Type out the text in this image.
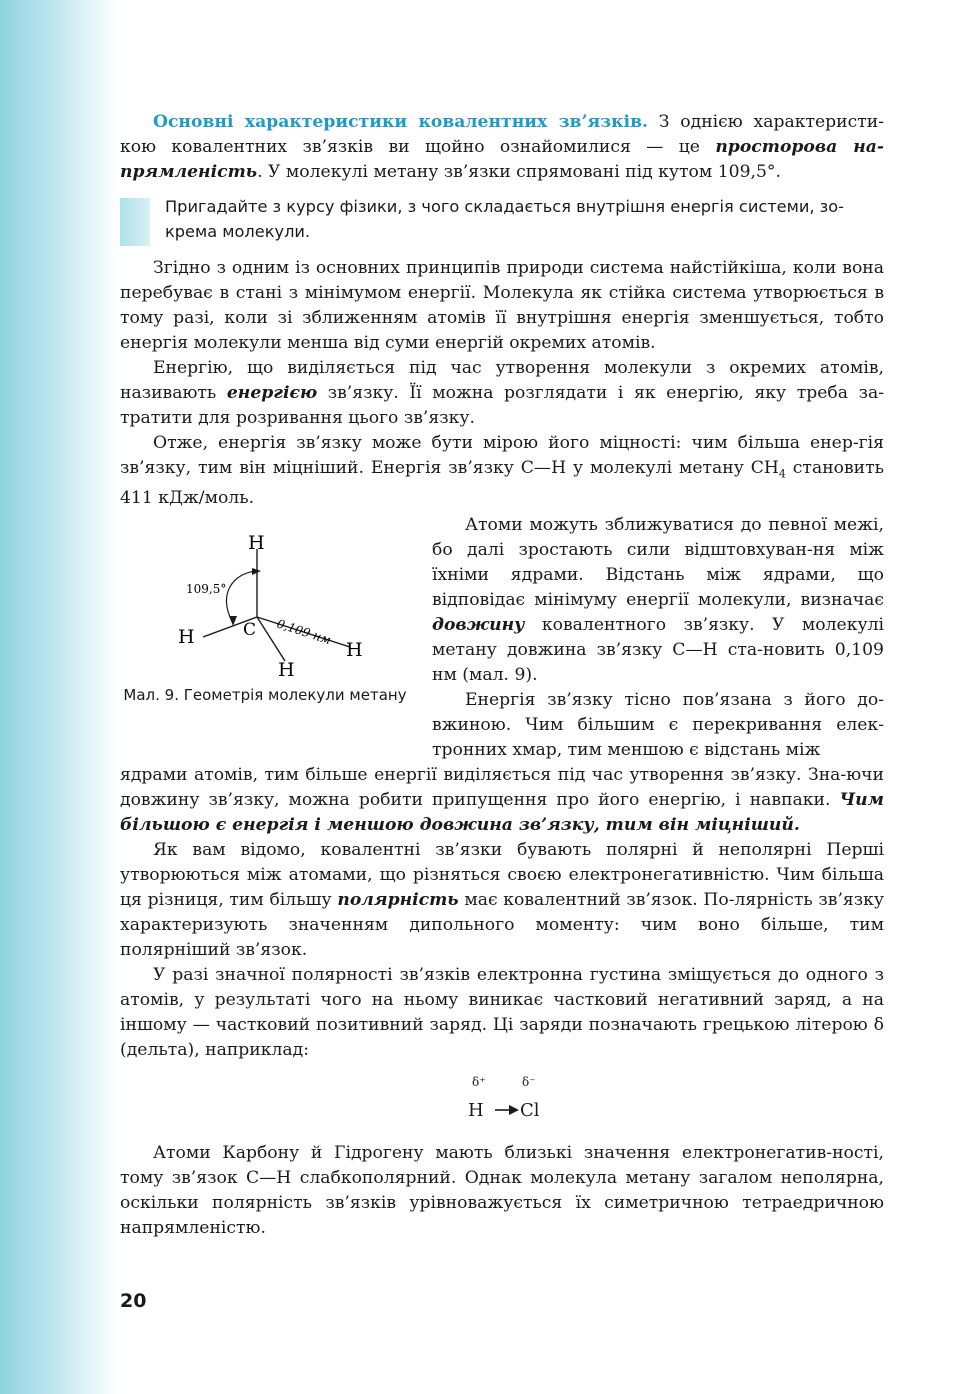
Основні характеристики ковалентних зв’язків. З однією характеристи-кою ковалентних зв’язків ви щойно ознайомилися — це просторова на-прямленість. У молекулі метану зв’язки спрямовані під кутом 109,5°.

Пригадайте з курсу фізики, з чого складається внутрішня енергія системи, зо-крема молекули.

Згідно з одним із основних принципів природи система найстійкіша, коли вона перебуває в стані з мінімумом енергії. Молекула як стійка система утворюється в тому разі, коли зі зближенням атомів її внутрішня енергія зменшується, тобто енергія молекули менша від суми енергій окремих атомів.

Енергію, що виділяється під час утворення молекули з окремих атомів, називають енергією зв’язку. Її можна розглядати і як енергію, яку треба за-тратити для розривання цього зв’язку.

Отже, енергія зв’язку може бути мірою його міцності: чим більша енер-гія зв’язку, тим він міцніший. Енергія зв’язку C—H у молекулі метану $CH_4$ становить 411 кДж/моль.

H
H
H
H
C
109,5°
0,109 нм
Мал. 9. Геометрія молекули метану

Атоми можуть зближуватися до певної межі, бо далі зростають сили відштовхуван-ня між їхніми ядрами. Відстань між ядрами, що відповідає мінімуму енергії молекули, визначає довжину ковалентного зв’язку. У молекулі метану довжина зв’язку C—H ста-новить 0,109 нм (мал. 9).

Енергія зв’язку тісно пов’язана з його до-вжиною. Чим більшим є перекривання елек-тронних хмар, тим меншою є відстань між

ядрами атомів, тим більше енергії виділяється під час утворення зв’язку. Зна-ючи довжину зв’язку, можна робити припущення про його енергію, і навпаки. Чим більшою є енергія і меншою довжина зв’язку, тим він міцніший.

Як вам відомо, ковалентні зв’язки бувають полярні й неполярні Перші утворюються між атомами, що різняться своєю електронегативністю. Чим більша ця різниця, тим більшу полярність має ковалентний зв’язок. По-лярність зв’язку характеризують значенням дипольного моменту: чим воно більше, тим полярніший зв’язок.

У разі значної полярності зв’язків електронна густина зміщується до одного з атомів, у результаті чого на ньому виникає частковий негативний заряд, а на іншому — частковий позитивний заряд. Ці заряди позначають грецькою літерою δ (дельта), наприклад:

δ⁺	δ⁻
H Cl

Атоми Карбону й Гідрогену мають близькі значення електронегатив-ності, тому зв’язок C—H слабкополярний. Однак молекула метану загалом неполярна, оскільки полярність зв’язків урівноважується їх симетричною тетраедричною напрямленістю.

20
